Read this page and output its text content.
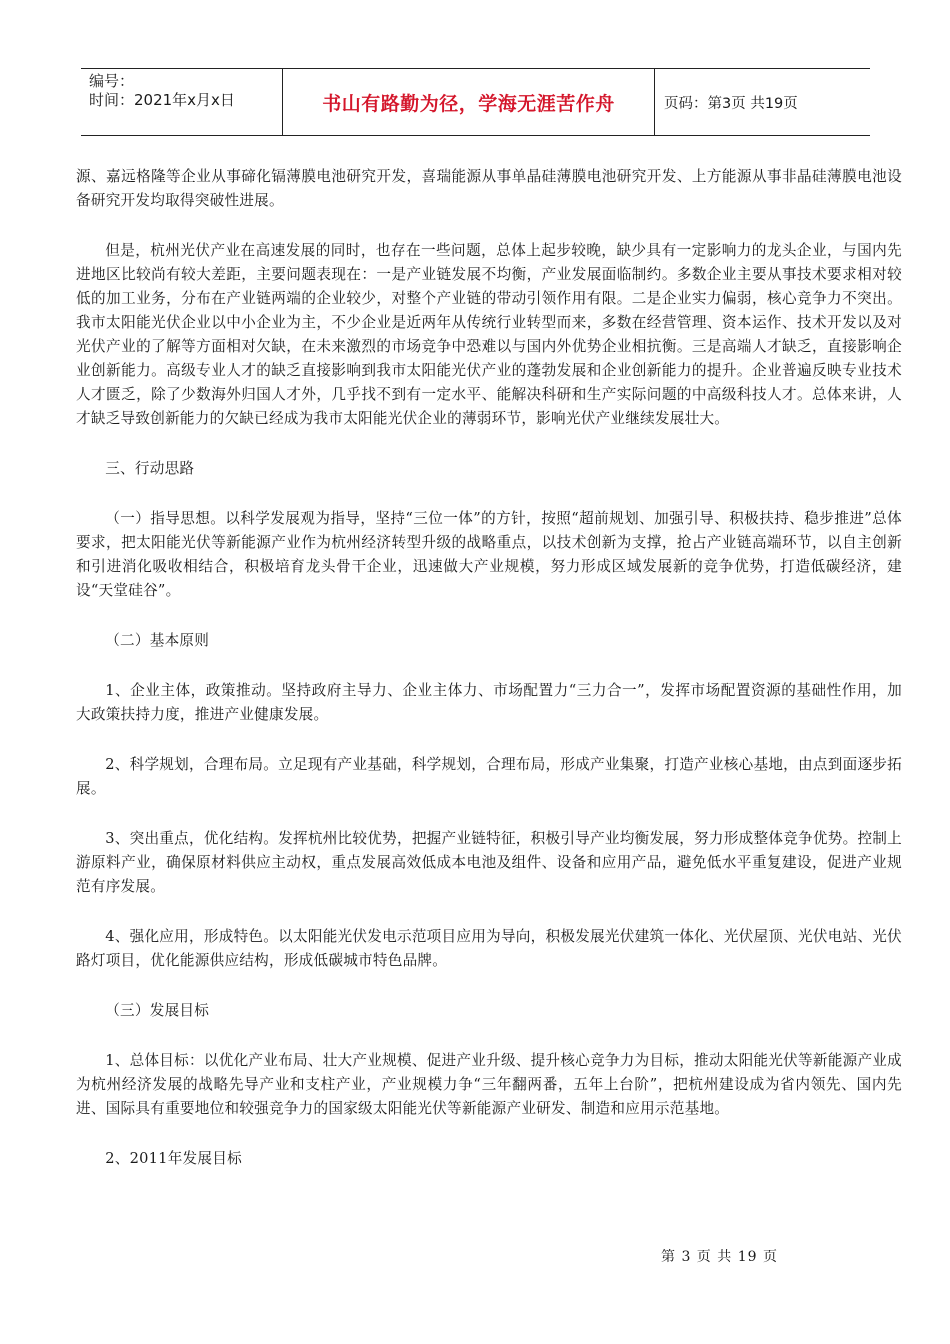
编号：
时间：2021年x月x日	书山有路勤为径，学海无涯苦作舟	页码：第3页 共19页

源、嘉远格隆等企业从事碲化镉薄膜电池研究开发，喜瑞能源从事单晶硅薄膜电池研究开发、上方能源从事非晶硅薄膜电池设备研究开发均取得突破性进展。

但是，杭州光伏产业在高速发展的同时，也存在一些问题，总体上起步较晚，缺少具有一定影响力的龙头企业，与国内先进地区比较尚有较大差距，主要问题表现在：一是产业链发展不均衡，产业发展面临制约。多数企业主要从事技术要求相对较低的加工业务，分布在产业链两端的企业较少，对整个产业链的带动引领作用有限。二是企业实力偏弱，核心竞争力不突出。我市太阳能光伏企业以中小企业为主，不少企业是近两年从传统行业转型而来，多数在经营管理、资本运作、技术开发以及对光伏产业的了解等方面相对欠缺，在未来激烈的市场竞争中恐难以与国内外优势企业相抗衡。三是高端人才缺乏，直接影响企业创新能力。高级专业人才的缺乏直接影响到我市太阳能光伏产业的蓬勃发展和企业创新能力的提升。企业普遍反映专业技术人才匮乏，除了少数海外归国人才外，几乎找不到有一定水平、能解决科研和生产实际问题的中高级科技人才。总体来讲，人才缺乏导致创新能力的欠缺已经成为我市太阳能光伏企业的薄弱环节，影响光伏产业继续发展壮大。

三、行动思路

（一）指导思想。以科学发展观为指导，坚持“三位一体”的方针，按照“超前规划、加强引导、积极扶持、稳步推进”总体要求，把太阳能光伏等新能源产业作为杭州经济转型升级的战略重点，以技术创新为支撑，抢占产业链高端环节，以自主创新和引进消化吸收相结合，积极培育龙头骨干企业，迅速做大产业规模，努力形成区域发展新的竞争优势，打造低碳经济，建设“天堂硅谷”。

（二）基本原则

1、企业主体，政策推动。坚持政府主导力、企业主体力、市场配置力“三力合一”，发挥市场配置资源的基础性作用，加大政策扶持力度，推进产业健康发展。

2、科学规划，合理布局。立足现有产业基础，科学规划，合理布局，形成产业集聚，打造产业核心基地，由点到面逐步拓展。

3、突出重点，优化结构。发挥杭州比较优势，把握产业链特征，积极引导产业均衡发展，努力形成整体竞争优势。控制上游原料产业，确保原材料供应主动权，重点发展高效低成本电池及组件、设备和应用产品，避免低水平重复建设，促进产业规范有序发展。

4、强化应用，形成特色。以太阳能光伏发电示范项目应用为导向，积极发展光伏建筑一体化、光伏屋顶、光伏电站、光伏路灯项目，优化能源供应结构，形成低碳城市特色品牌。

（三）发展目标

1、总体目标：以优化产业布局、壮大产业规模、促进产业升级、提升核心竞争力为目标，推动太阳能光伏等新能源产业成为杭州经济发展的战略先导产业和支柱产业，产业规模力争“三年翻两番，五年上台阶”，把杭州建设成为省内领先、国内先进、国际具有重要地位和较强竞争力的国家级太阳能光伏等新能源产业研发、制造和应用示范基地。

2、2011年发展目标

第 3 页 共 19 页
